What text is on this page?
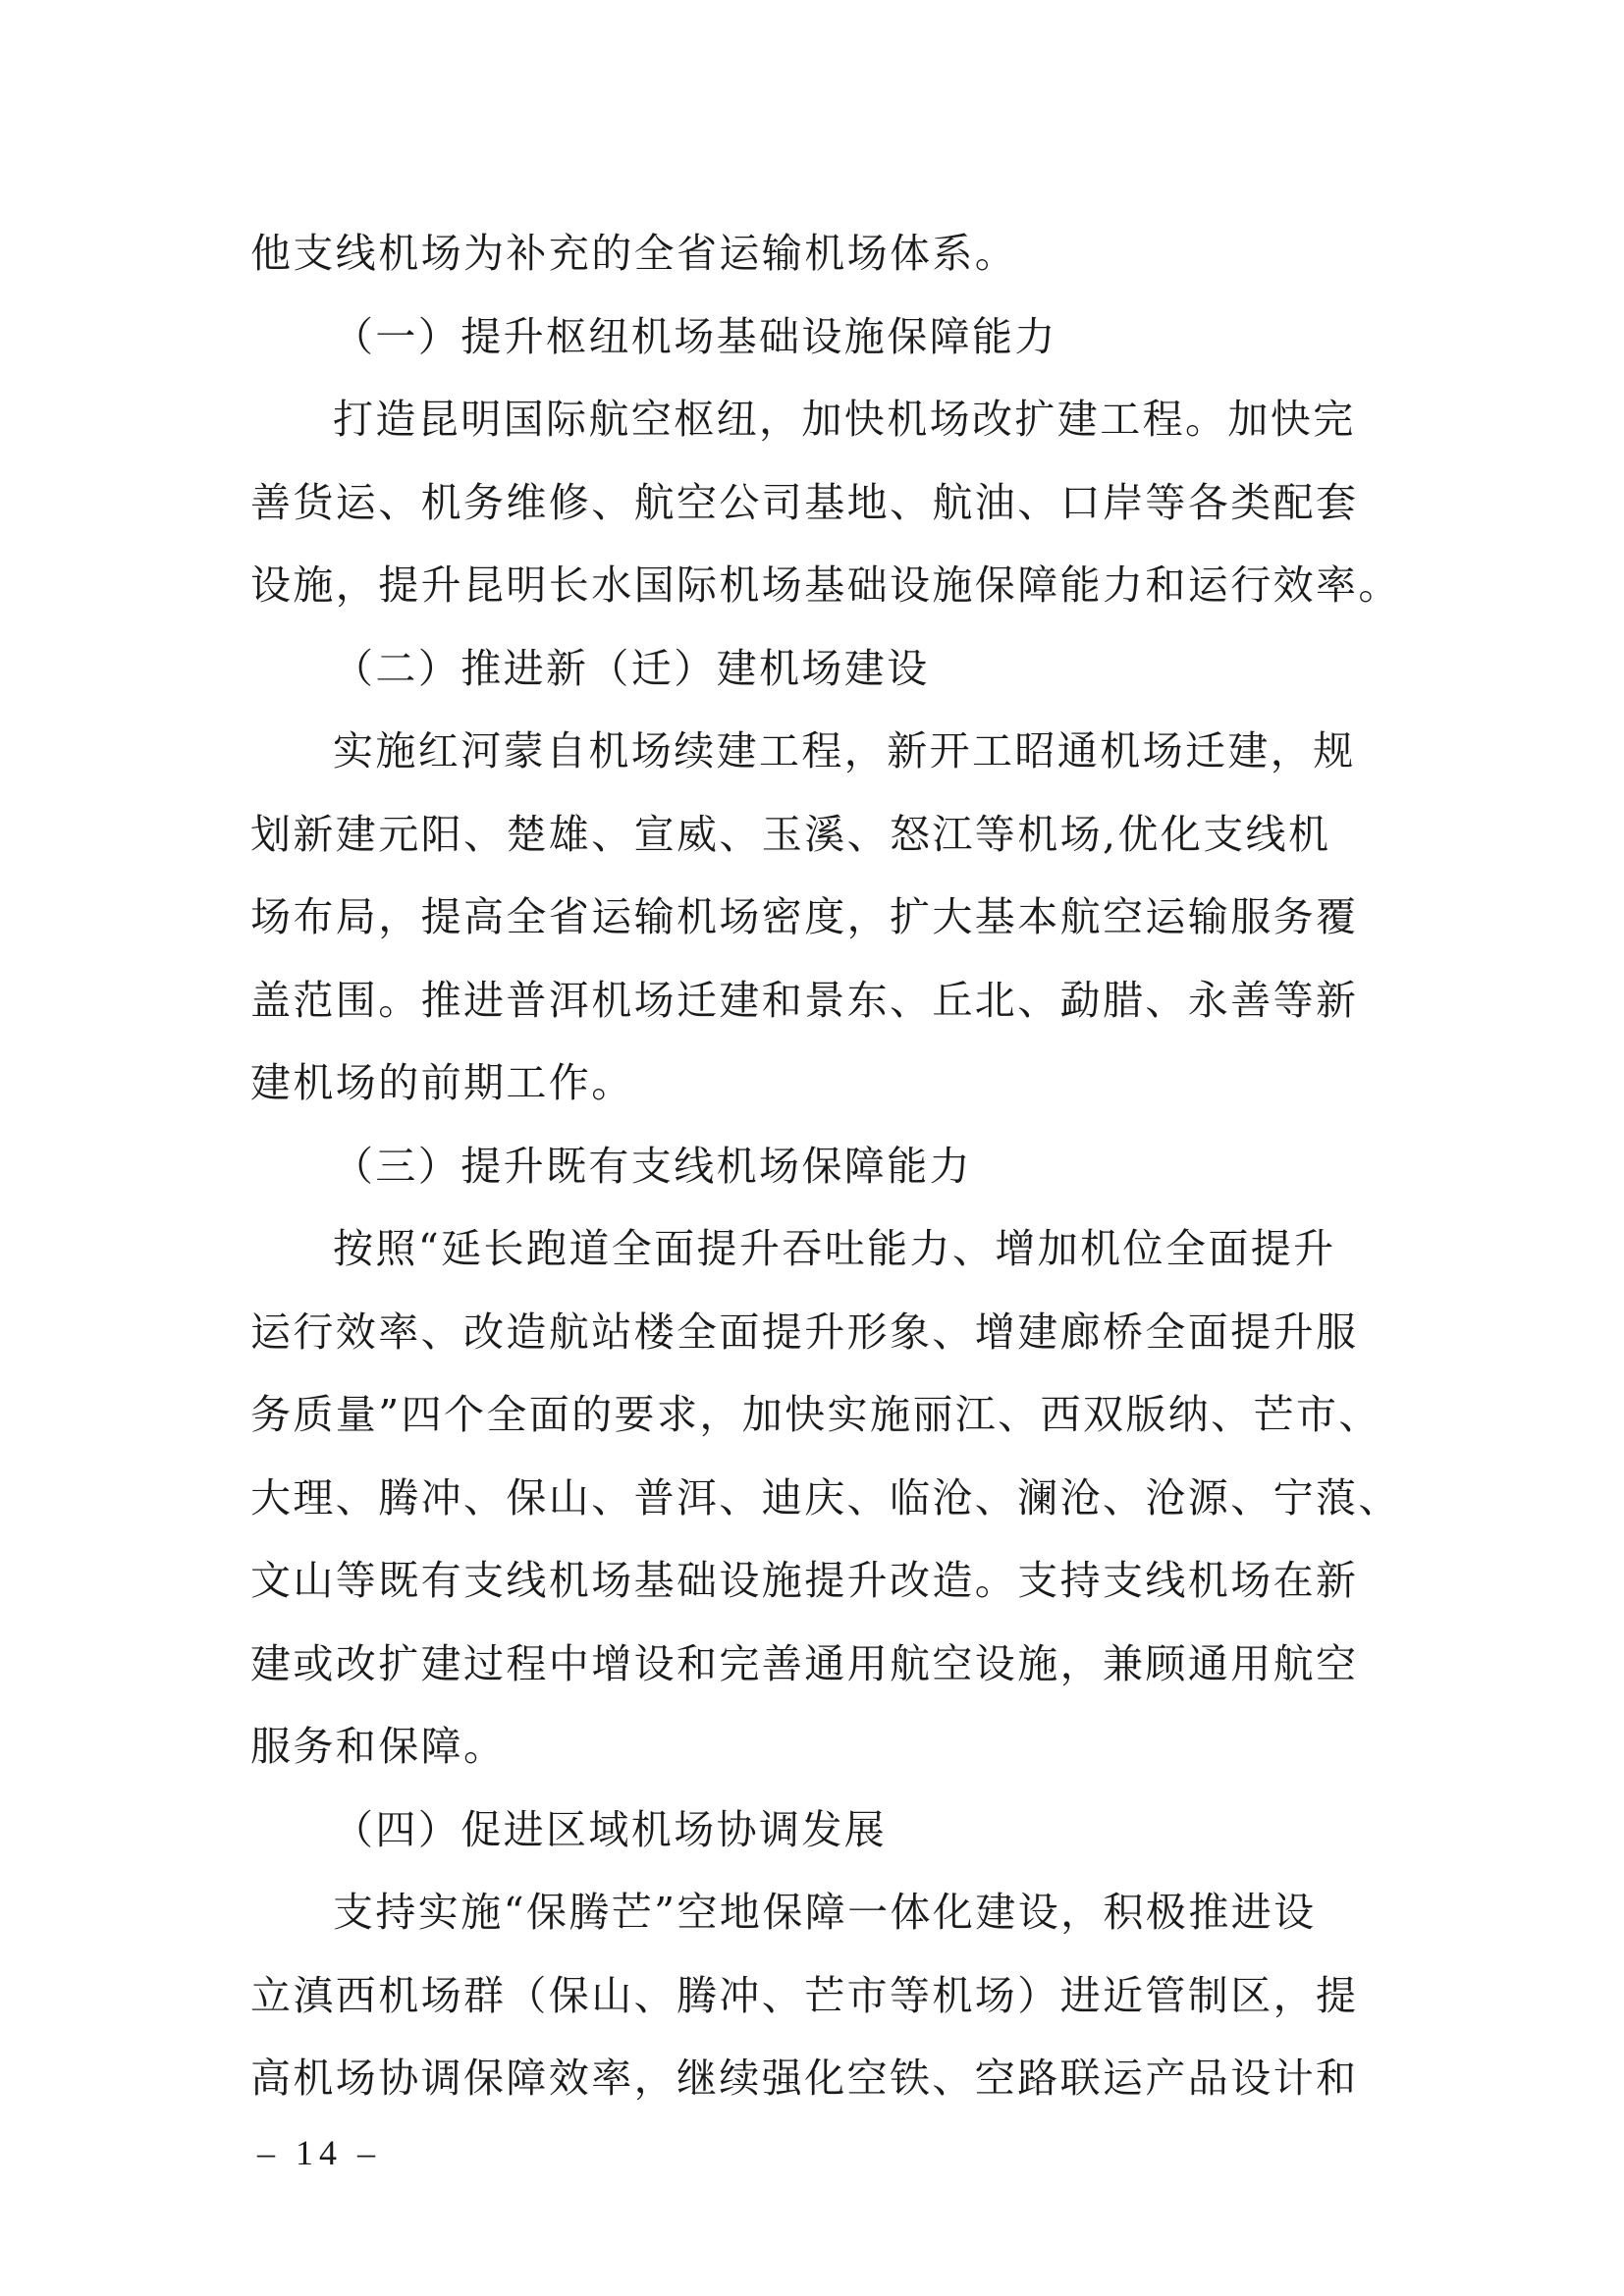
他支线机场为补充的全省运输机场体系。
（一）提升枢纽机场基础设施保障能力
打造昆明国际航空枢纽，加快机场改扩建工程。加快完
善货运、机务维修、航空公司基地、航油、口岸等各类配套
设施，提升昆明长水国际机场基础设施保障能力和运行效率。
（二）推进新（迁）建机场建设
实施红河蒙自机场续建工程，新开工昭通机场迁建，规
划新建元阳、楚雄、宣威、玉溪、怒江等机场,优化支线机
场布局，提高全省运输机场密度，扩大基本航空运输服务覆
盖范围。推进普洱机场迁建和景东、丘北、勐腊、永善等新
建机场的前期工作。
（三）提升既有支线机场保障能力
按照“延长跑道全面提升吞吐能力、增加机位全面提升
运行效率、改造航站楼全面提升形象、增建廊桥全面提升服
务质量”四个全面的要求，加快实施丽江、西双版纳、芒市、
大理、腾冲、保山、普洱、迪庆、临沧、澜沧、沧源、宁蒗、
文山等既有支线机场基础设施提升改造。支持支线机场在新
建或改扩建过程中增设和完善通用航空设施，兼顾通用航空
服务和保障。
（四）促进区域机场协调发展
支持实施“保腾芒”空地保障一体化建设，积极推进设
立滇西机场群（保山、腾冲、芒市等机场）进近管制区，提
高机场协调保障效率，继续强化空铁、空路联运产品设计和
– 14 –
